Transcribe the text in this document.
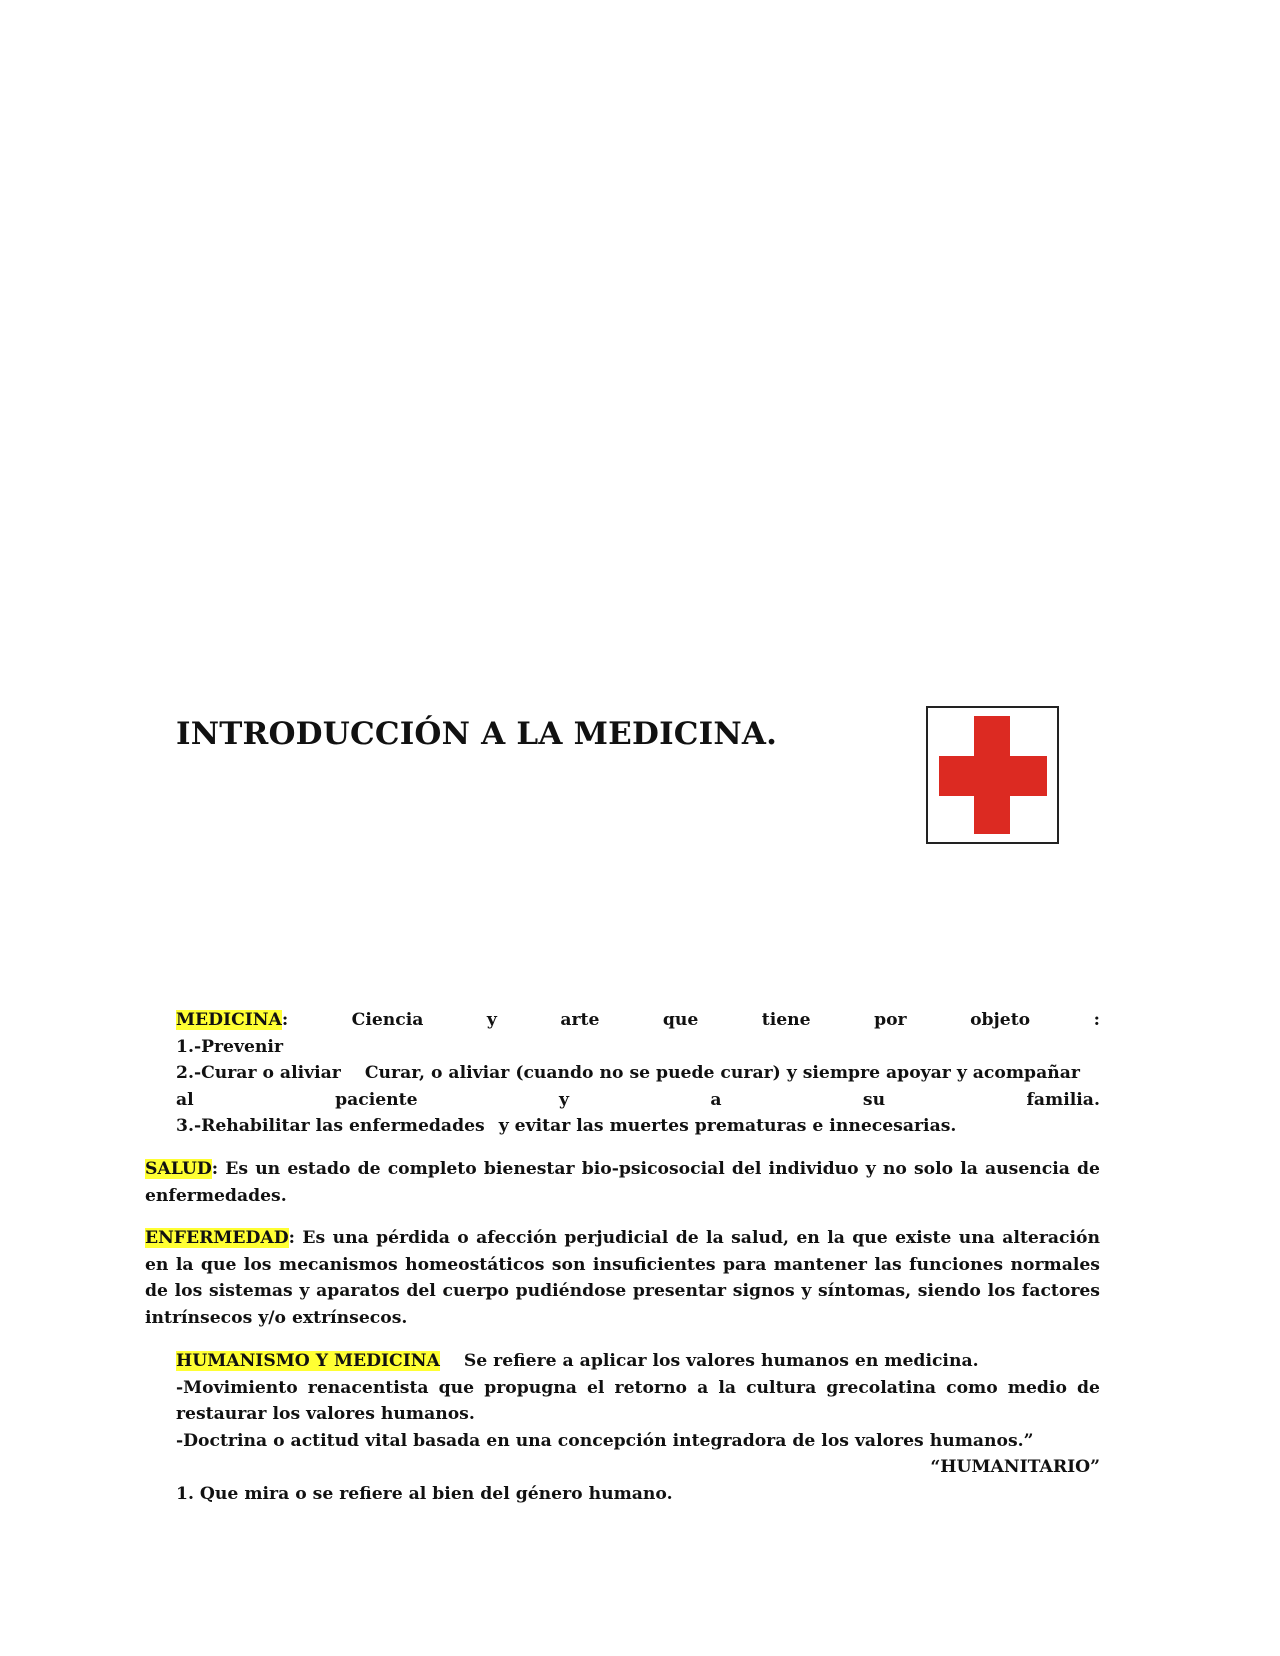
INTRODUCCIÓN A LA MEDICINA.
MEDICINA:	Ciencia	y	arte	que	tiene	por	objeto	:
1.-Prevenir
2.-Curar o aliviar Curar, o aliviar (cuando no se puede curar) y siempre apoyar y acompañar
al	paciente	y	a	su	familia.
3.-Rehabilitar las enfermedades y evitar las muertes prematuras e innecesarias.

SALUD: Es un estado de completo bienestar bio-psicosocial del individuo y no solo la ausencia de enfermedades.

ENFERMEDAD: Es una pérdida o afección perjudicial de la salud, en la que existe una alteración en la que los mecanismos homeostáticos son insuficientes para mantener las funciones normales de los sistemas y aparatos del cuerpo pudiéndose presentar signos y síntomas, siendo los factores intrínsecos y/o extrínsecos.

HUMANISMO Y MEDICINA Se refiere a aplicar los valores humanos en medicina.

-Movimiento renacentista que propugna el retorno a la cultura grecolatina como medio de restaurar los valores humanos.

-Doctrina o actitud vital basada en una concepción integradora de los valores humanos.”
“HUMANITARIO”
1. Que mira o se refiere al bien del género humano.
